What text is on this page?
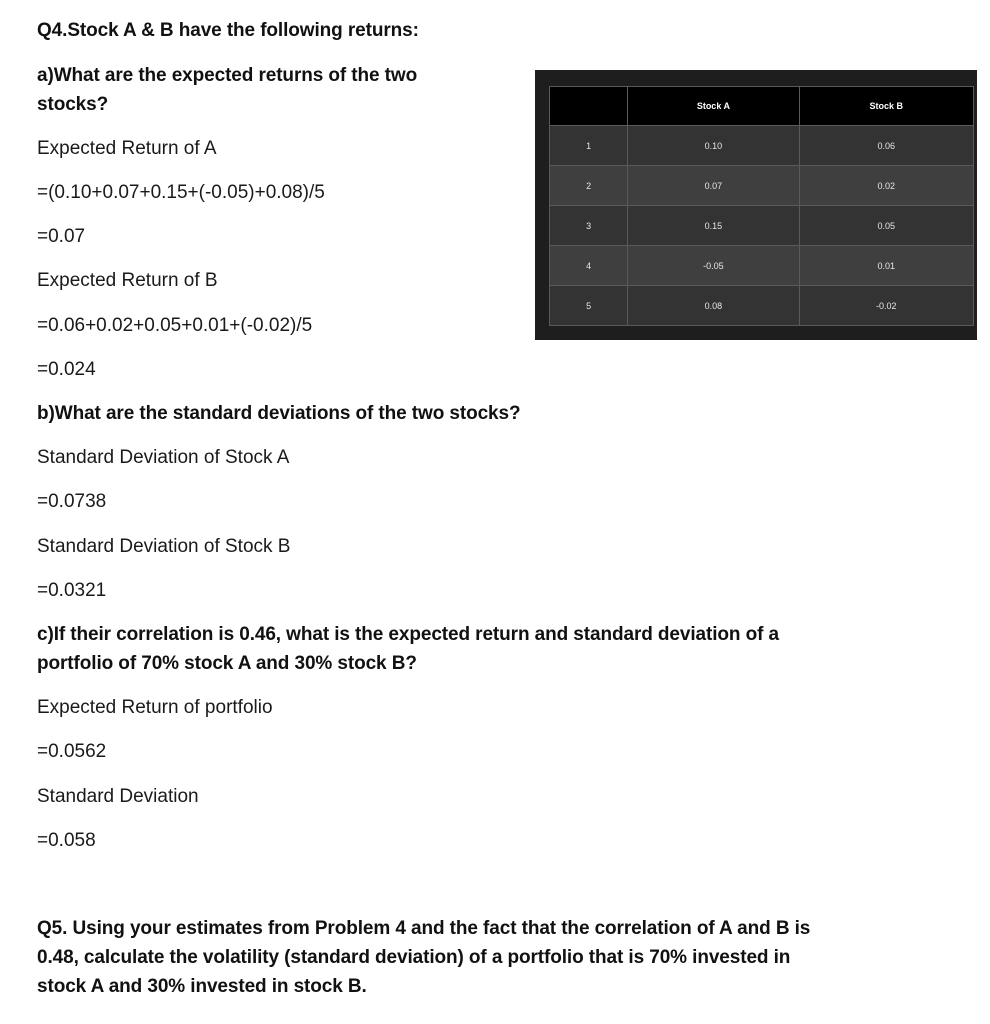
Q4.Stock A & B have the following returns:
a)What are the expected returns of the two
stocks?
Expected Return of A
=(0.10+0.07+0.15+(-0.05)+0.08)/5
=0.07
Expected Return of B
=0.06+0.02+0.05+0.01+(-0.02)/5
=0.024
b)What are the standard deviations of the two stocks?
Standard Deviation of Stock A
=0.0738
Standard Deviation of Stock B
=0.0321
c)If their correlation is 0.46, what is the expected return and standard deviation of a
portfolio of 70% stock A and 30% stock B?
Expected Return of portfolio
=0.0562
Standard Deviation
=0.058
Q5. Using your estimates from Problem 4 and the fact that the correlation of A and B is
0.48, calculate the volatility (standard deviation) of a portfolio that is 70% invested in
stock A and 30% invested in stock B.
	Stock A	Stock B
1	0.10	0.06
2	0.07	0.02
3	0.15	0.05
4	-0.05	0.01
5	0.08	-0.02
